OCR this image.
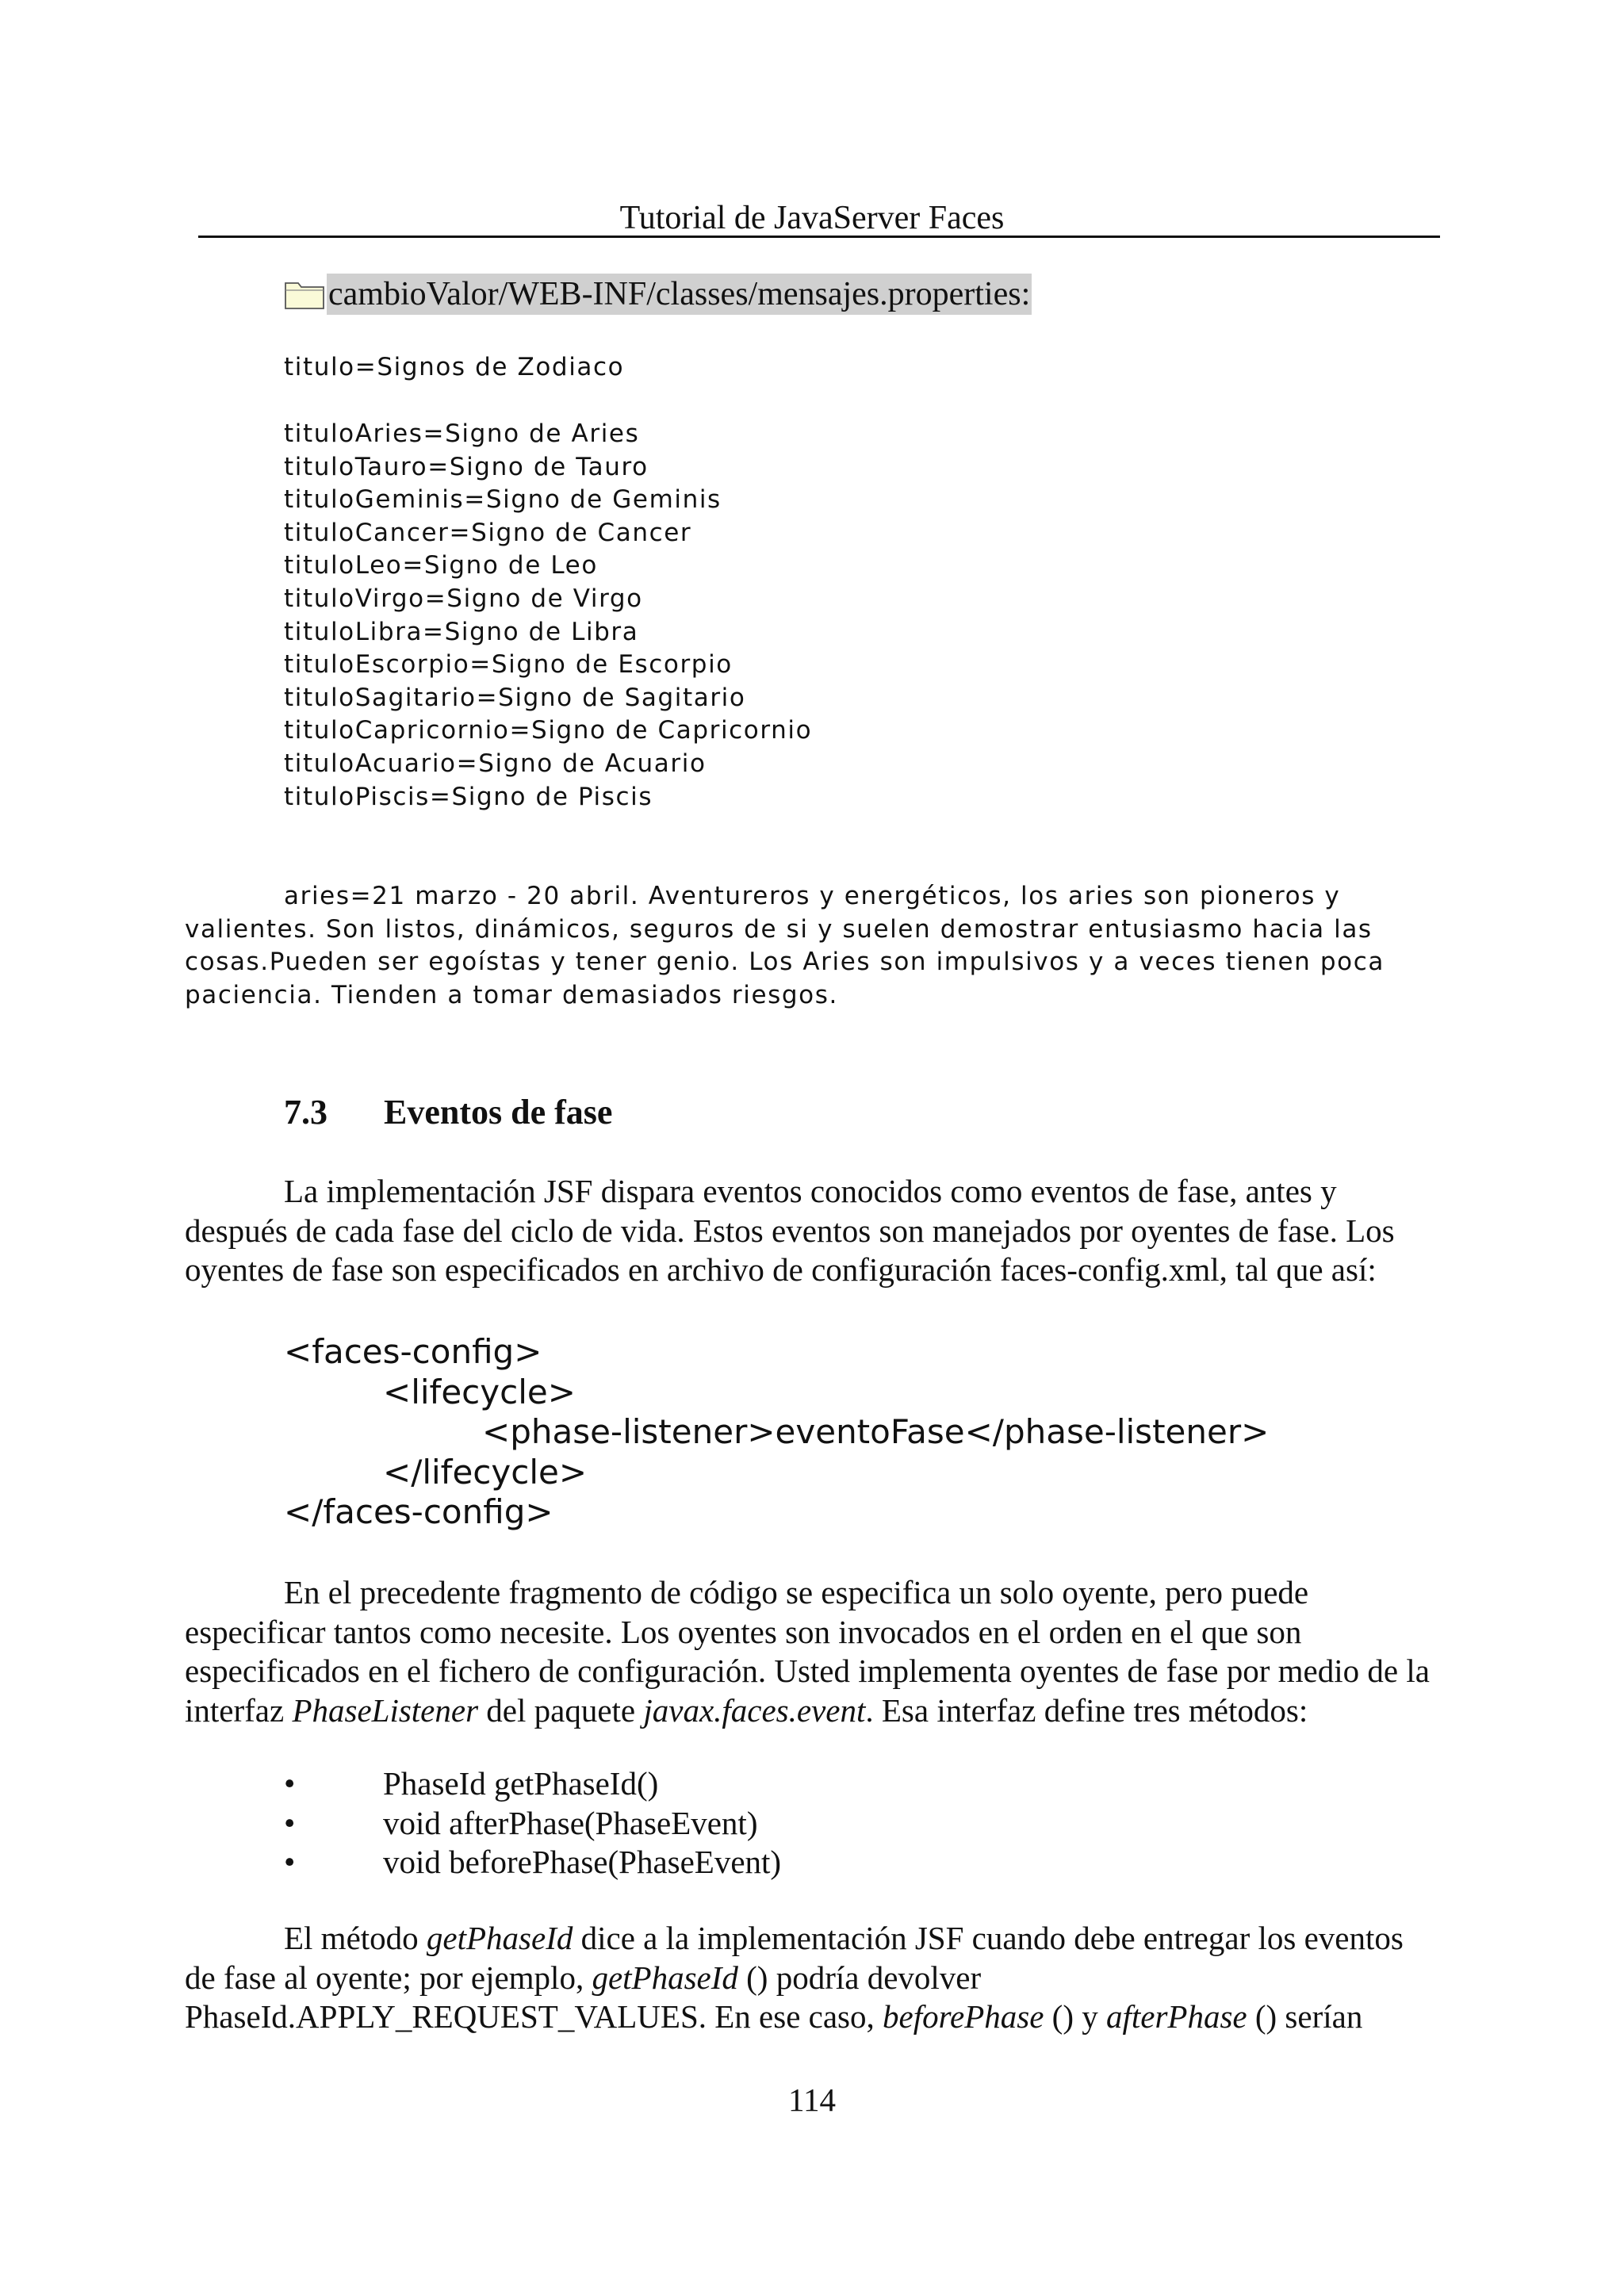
Tutorial de JavaServer Faces
cambioValor/WEB-INF/classes/mensajes.properties:
titulo=Signos de Zodiaco
tituloAries=Signo de Aries
tituloTauro=Signo de Tauro
tituloGeminis=Signo de Geminis
tituloCancer=Signo de Cancer
tituloLeo=Signo de Leo
tituloVirgo=Signo de Virgo
tituloLibra=Signo de Libra
tituloEscorpio=Signo de Escorpio
tituloSagitario=Signo de Sagitario
tituloCapricornio=Signo de Capricornio
tituloAcuario=Signo de Acuario
tituloPiscis=Signo de Piscis
aries=21 marzo - 20 abril. Aventureros y energéticos, los aries son pioneros y valientes. Son listos, dinámicos, seguros de si y suelen demostrar entusiasmo hacia las cosas.Pueden ser egoístas y tener genio. Los Aries son impulsivos y a veces tienen poca paciencia. Tienden a tomar demasiados riesgos.
7.3 Eventos de fase

La implementación JSF dispara eventos conocidos como eventos de fase, antes y después de cada fase del ciclo de vida. Estos eventos son manejados por oyentes de fase. Los oyentes de fase son especificados en archivo de configuración faces-config.xml, tal que así:

<faces-config>
<lifecycle>
<phase-listener>eventoFase</phase-listener>
</lifecycle>
</faces-config>

En el precedente fragmento de código se especifica un solo oyente, pero puede especificar tantos como necesite. Los oyentes son invocados en el orden en el que son especificados en el fichero de configuración. Usted implementa oyentes de fase por medio de la interfaz PhaseListener del paquete javax.faces.event. Esa interfaz define tres métodos:

•	PhaseId getPhaseId()
•	void afterPhase(PhaseEvent)
•	void beforePhase(PhaseEvent)

El método getPhaseId dice a la implementación JSF cuando debe entregar los eventos de fase al oyente; por ejemplo, getPhaseId () podría devolver PhaseId.APPLY_REQUEST_VALUES. En ese caso, beforePhase () y afterPhase () serían

114
